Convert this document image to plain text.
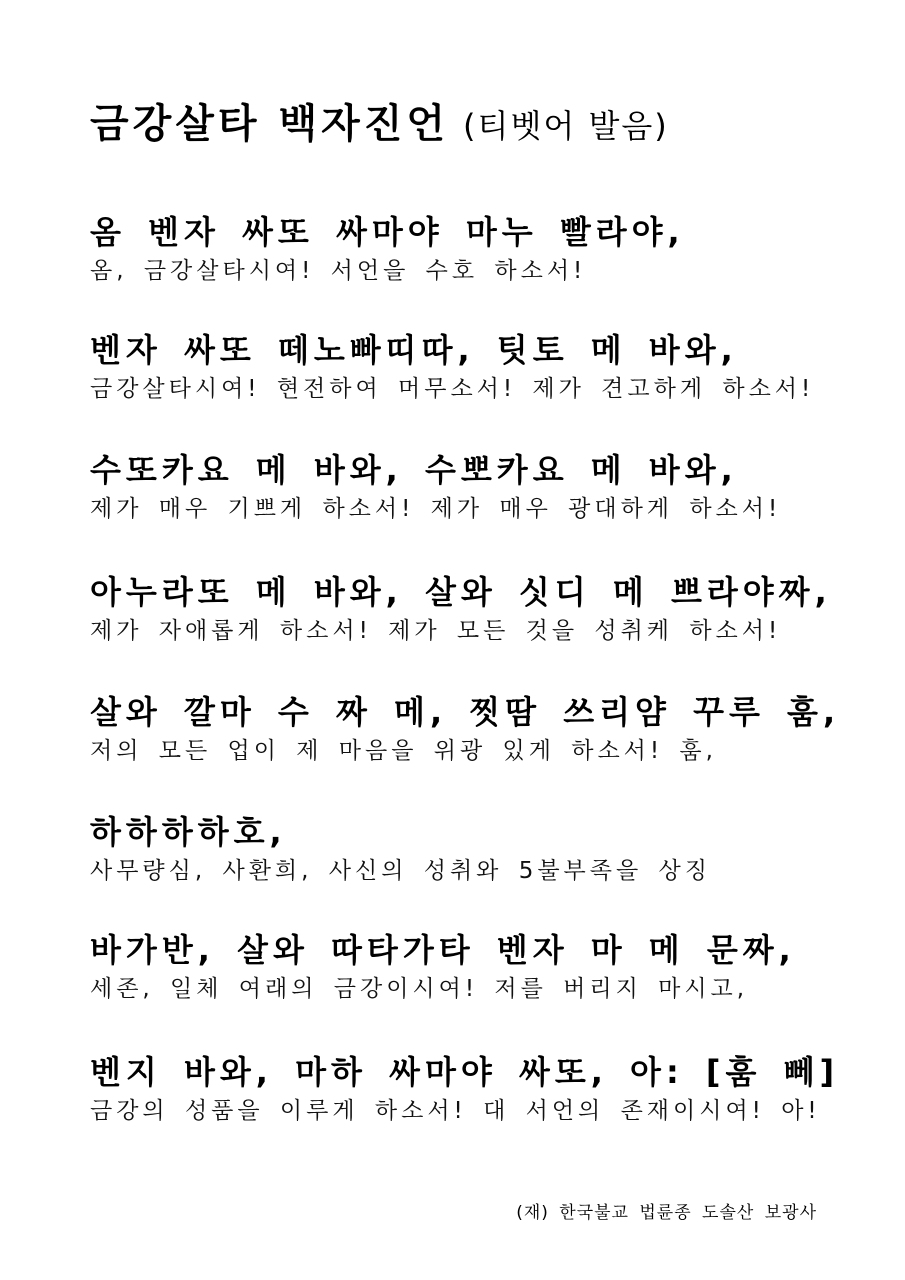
금강살타 백자진언 (티벳어 발음)
옴 벤자 싸또 싸마야 마누 빨라야,
옴, 금강살타시여! 서언을 수호 하소서!
벤자 싸또 떼노빠띠따, 팃토 메 바와,
금강살타시여! 현전하여 머무소서! 제가 견고하게 하소서!
수또카요 메 바와, 수뽀카요 메 바와,
제가 매우 기쁘게 하소서! 제가 매우 광대하게 하소서!
아누라또 메 바와, 살와 싯디 메 쁘라야짜,
제가 자애롭게 하소서! 제가 모든 것을 성취케 하소서!
살와 깔마 수 짜 메, 찟땀 쓰리얌 꾸루 훔,
저의 모든 업이 제 마음을 위광 있게 하소서! 훔,
하하하하호,
사무량심, 사환희, 사신의 성취와 5불부족을 상징
바가반, 살와 따타가타 벤자 마 메 문짜,
세존, 일체 여래의 금강이시여! 저를 버리지 마시고,
벤지 바와, 마하 싸마야 싸또, 아: [훔 뻬]
금강의 성품을 이루게 하소서! 대 서언의 존재이시여! 아!
(재) 한국불교 법륜종 도솔산 보광사
